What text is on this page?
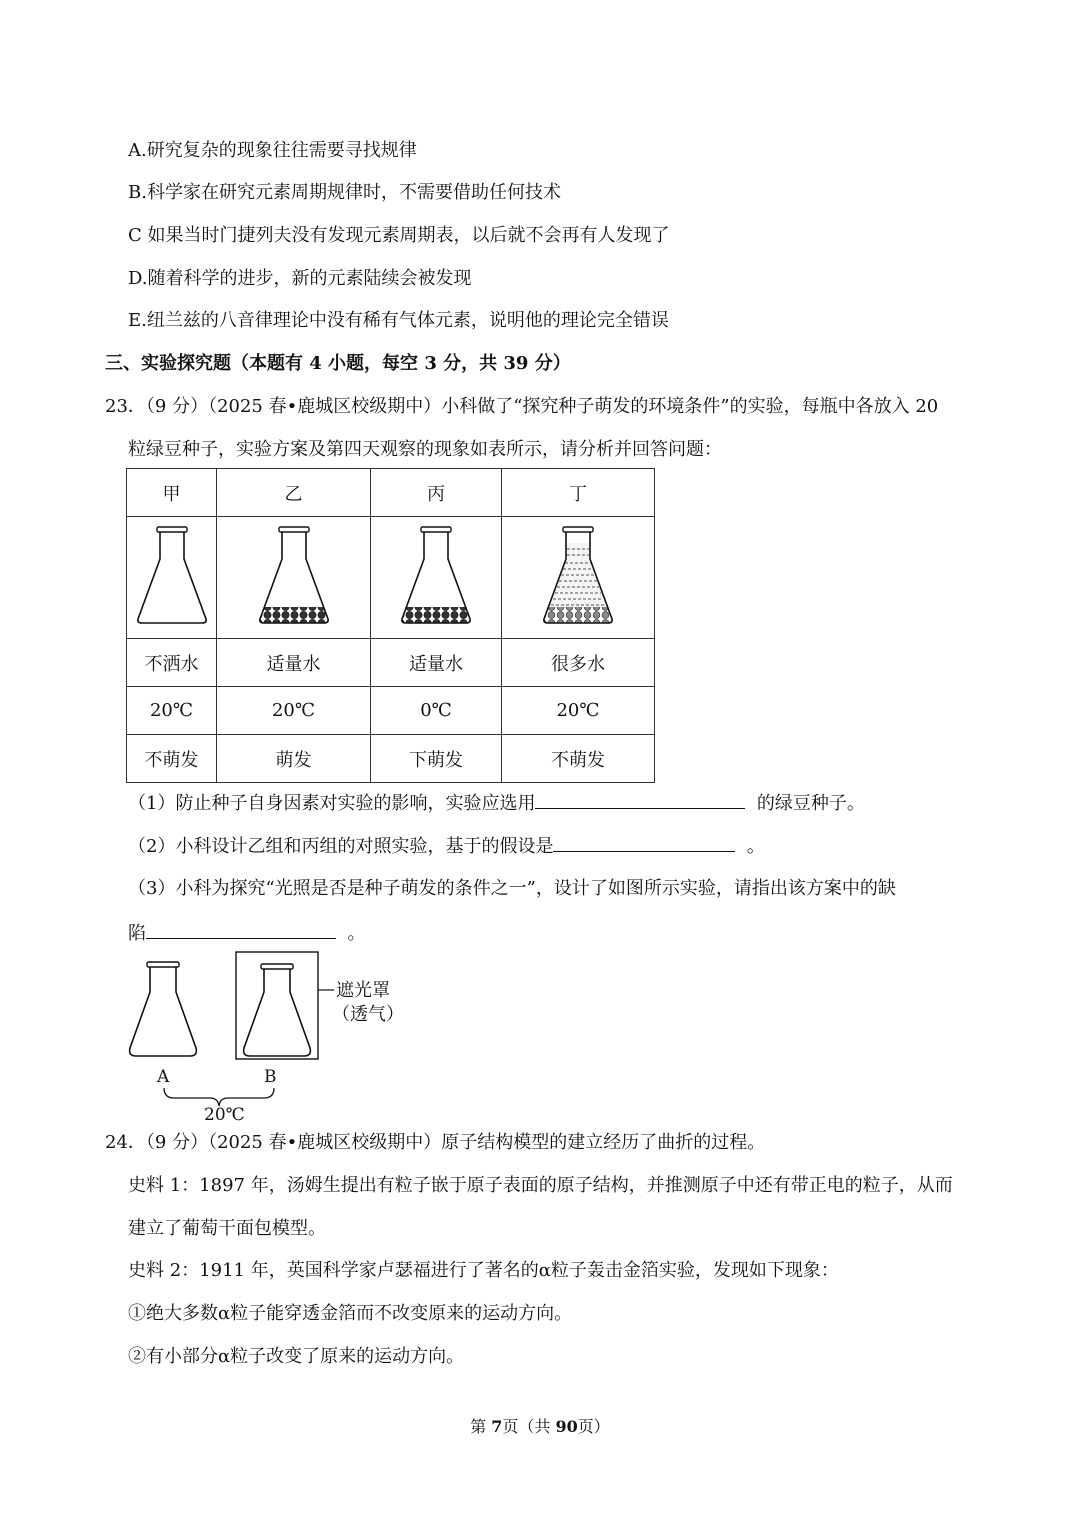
A.研究复杂的现象往往需要寻找规律
B.科学家在研究元素周期规律时，不需要借助任何技术
C 如果当时门捷列夫没有发现元素周期表，以后就不会再有人发现了
D.随着科学的进步，新的元素陆续会被发现
E.纽兰兹的八音律理论中没有稀有气体元素，说明他的理论完全错误
三、实验探究题（本题有 4 小题，每空 3 分，共 39 分）
23．（9 分）（2025 春•鹿城区校级期中）小科做了“探究种子萌发的环境条件”的实验，每瓶中各放入 20
粒绿豆种子，实验方案及第四天观察的现象如表所示，请分析并回答问题：
甲	乙	丙	丁

不洒水	适量水	适量水	很多水
20℃	20℃	0℃	20℃
不萌发	萌发	下萌发	不萌发
（1）防止种子自身因素对实验的影响，实验应选用	的绿豆种子。
（2）小科设计乙组和丙组的对照实验，基于的假设是	。
（3）小科为探究“光照是否是种子萌发的条件之一”，设计了如图所示实验，请指出该方案中的缺
陷	。
遮光罩
（透气）
A	B
20℃
24．（9 分）（2025 春•鹿城区校级期中）原子结构模型的建立经历了曲折的过程。
史料 1：1897 年，汤姆生提出有粒子嵌于原子表面的原子结构，并推测原子中还有带正电的粒子，从而
建立了葡萄干面包模型。
史料 2：1911 年，英国科学家卢瑟福进行了著名的α粒子轰击金箔实验，发现如下现象：
①绝大多数α粒子能穿透金箔而不改变原来的运动方向。
②有小部分α粒子改变了原来的运动方向。
第 7页（共 90页）
